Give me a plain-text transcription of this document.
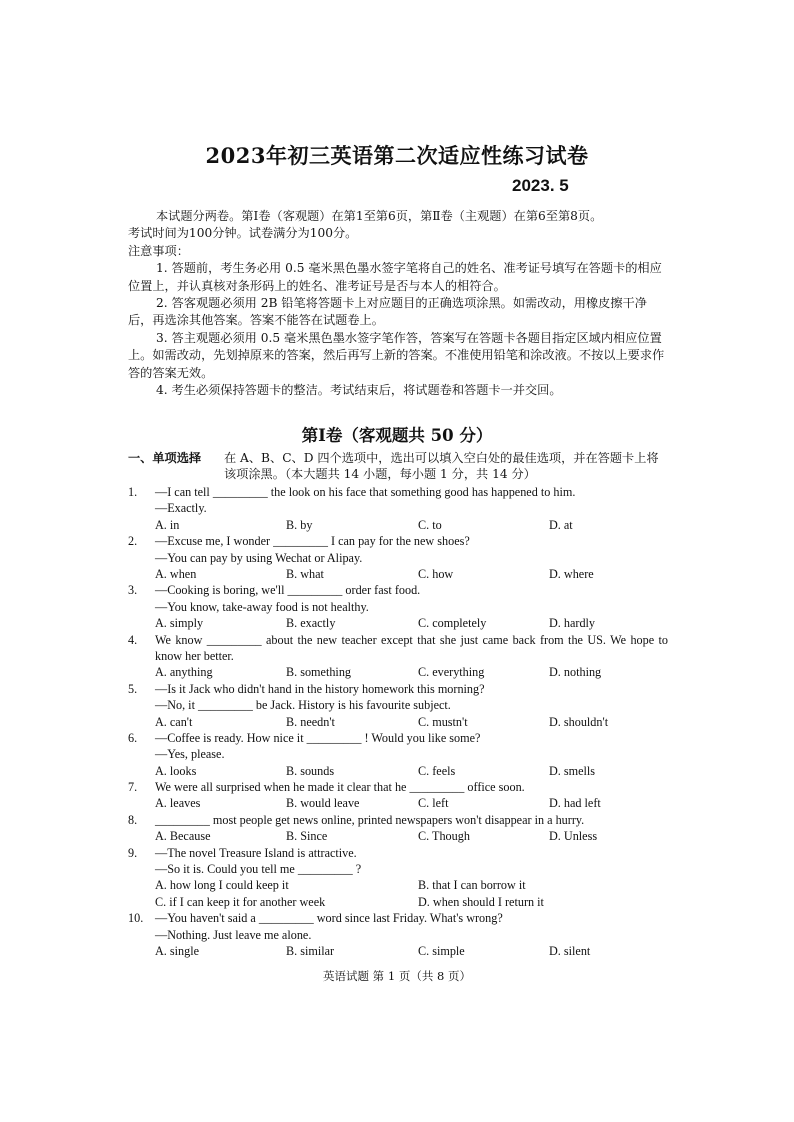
2023年初三英语第二次适应性练习试卷
2023. 5

本试题分两卷。第Ⅰ卷（客观题）在第1至第6页，第Ⅱ卷（主观题）在第6至第8页。

考试时间为100分钟。试卷满分为100分。

注意事项：

1. 答题前，考生务必用 0.5 毫米黑色墨水签字笔将自己的姓名、准考证号填写在答题卡的相应位置上，并认真核对条形码上的姓名、准考证号是否与本人的相符合。

2. 答客观题必须用 2B 铅笔将答题卡上对应题目的正确选项涂黑。如需改动，用橡皮擦干净后，再选涂其他答案。答案不能答在试题卷上。

3. 答主观题必须用 0.5 毫米黑色墨水签字笔作答，答案写在答题卡各题目指定区域内相应位置上。如需改动，先划掉原来的答案，然后再写上新的答案。不准使用铅笔和涂改液。不按以上要求作答的答案无效。

4. 考生必须保持答题卡的整洁。考试结束后，将试题卷和答题卡一并交回。

第Ⅰ卷（客观题共 50 分）
一、单项选择 在 A、B、C、D 四个选项中，选出可以填入空白处的最佳选项，并在答题卡上将该项涂黑。（本大题共 14 小题，每小题 1 分，共 14 分）
1. —I can tell _________ the look on his face that something good has happened to him.
—Exactly.
A. in	B. by	C. to	D. at
2. —Excuse me, I wonder _________ I can pay for the new shoes?
—You can pay by using Wechat or Alipay.
A. when	B. what	C. how	D. where
3. —Cooking is boring, we'll _________ order fast food.
—You know, take-away food is not healthy.
A. simply	B. exactly	C. completely	D. hardly
4. We know _________ about the new teacher except that she just came back from the US. We hope to know her better.
A. anything	B. something	C. everything	D. nothing
5. —Is it Jack who didn't hand in the history homework this morning?
—No, it _________ be Jack. History is his favourite subject.
A. can't	B. needn't	C. mustn't	D. shouldn't
6. —Coffee is ready. How nice it _________ ! Would you like some?
—Yes, please.
A. looks	B. sounds	C. feels	D. smells
7. We were all surprised when he made it clear that he _________ office soon.
A. leaves	B. would leave	C. left	D. had left
8. _________ most people get news online, printed newspapers won't disappear in a hurry.
A. Because	B. Since	C. Though	D. Unless
9. —The novel Treasure Island is attractive.
—So it is. Could you tell me _________ ?
A. how long I could keep it	B. that I can borrow it
C. if I can keep it for another week	D. when should I return it
10. —You haven't said a _________ word since last Friday. What's wrong?
—Nothing. Just leave me alone.
A. single	B. similar	C. simple	D. silent
英语试题 第 1 页（共 8 页）
